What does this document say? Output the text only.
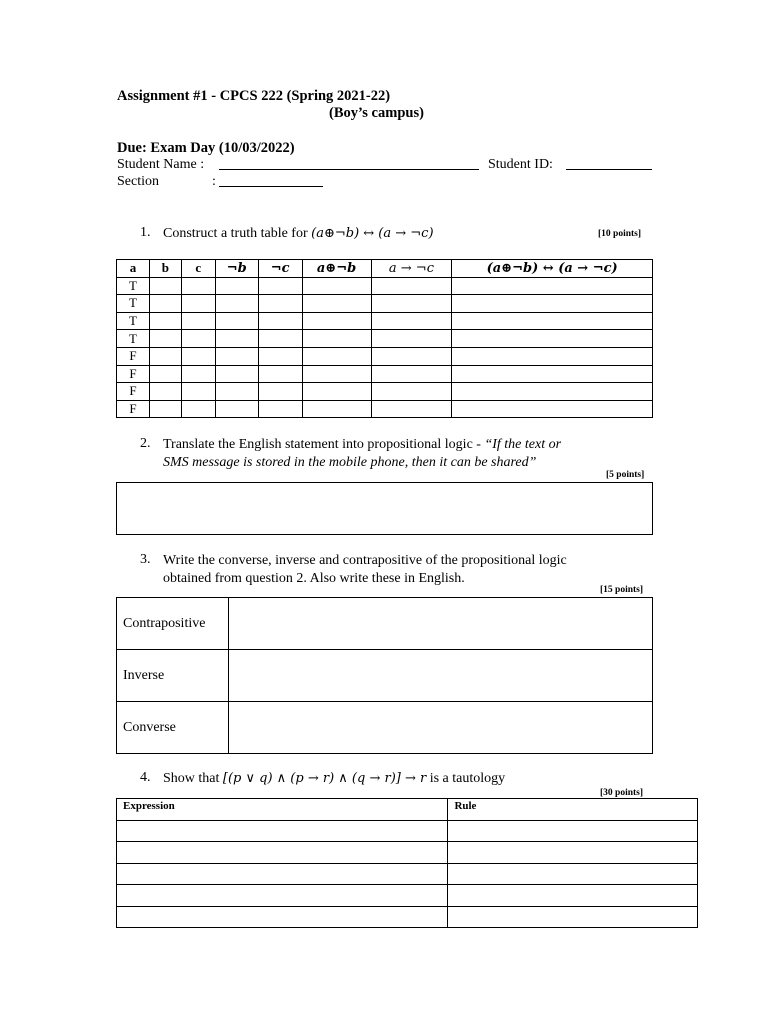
Assignment #1 - CPCS 222 (Spring 2021-22)
(Boy’s campus)
Due: Exam Day (10/03/2022)
Student Name :	Student ID:
Section	:
1. Construct a truth table for (a⊕¬b) ↔ (a → ¬c)	[10 points]
a	b	c	¬b	¬c	a⊕¬b	a → ¬c	(a⊕¬b) ↔ (a → ¬c)
T							
T							
T							
T							
F							
F							
F							
F							
2. Translate the English statement into propositional logic - “If the text or
SMS message is stored in the mobile phone, then it can be shared”
[5 points]
3. Write the converse, inverse and contrapositive of the propositional logic
obtained from question 2. Also write these in English.
[15 points]
Contrapositive	
Inverse	
Converse	
4. Show that [(p ∨ q) ∧ (p → r) ∧ (q → r)] → r is a tautology
[30 points]
Expression	Rule
